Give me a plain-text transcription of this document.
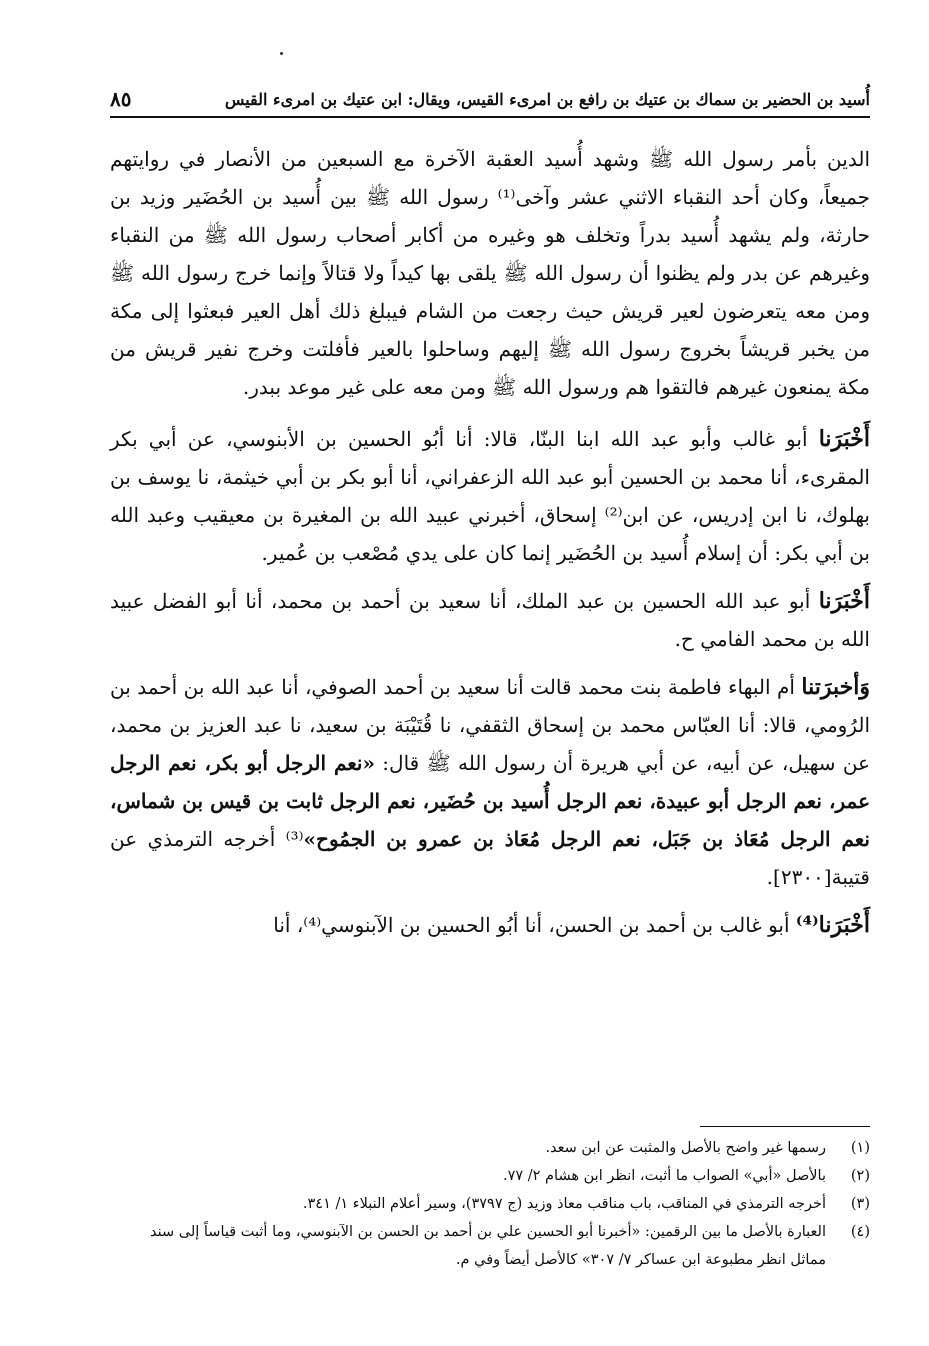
أُسيد بن الحضير بن سماك بن عتيك بن رافع بن امرىء القيس، ويقال: ابن عتيك بن امرىء القيس
٨٥

الدين بأمر رسول الله ﷺ وشهد أُسيد العقبة الآخرة مع السبعين من الأنصار في روايتهم جميعاً، وكان أحد النقباء الاثني عشر وآخى⁽¹⁾ رسول الله ﷺ بين أُسيد بن الحُضَير وزيد بن حارثة، ولم يشهد أُسيد بدراً وتخلف هو وغيره من أكابر أصحاب رسول الله ﷺ من النقباء وغيرهم عن بدر ولم يظنوا أن رسول الله ﷺ يلقى بها كيداً ولا قتالاً وإنما خرج رسول الله ﷺ ومن معه يتعرضون لعير قريش حيث رجعت من الشام فيبلغ ذلك أهل العير فبعثوا إلى مكة من يخبر قريشاً بخروج رسول الله ﷺ إليهم وساحلوا بالعير فأفلتت وخرج نفير قريش من مكة يمنعون غيرهم فالتقوا هم ورسول الله ﷺ ومن معه على غير موعد ببدر.

أَخْبَرَنا أبو غالب وأبو عبد الله ابنا البنّا، قالا: أنا أبُو الحسين بن الأبنوسي، عن أبي بكر المقرىء، أنا محمد بن الحسين أبو عبد الله الزعفراني، أنا أبو بكر بن أبي خيثمة، نا يوسف بن بهلوك، نا ابن إدريس، عن ابن⁽²⁾ إسحاق، أخبرني عبيد الله بن المغيرة بن معيقيب وعبد الله بن أبي بكر: أن إسلام أُسيد بن الحُضَير إنما كان على يدي مُصْعب بن عُمير.

أَخْبَرَنا أبو عبد الله الحسين بن عبد الملك، أنا سعيد بن أحمد بن محمد، أنا أبو الفضل عبيد الله بن محمد الفامي ح.

وَأخبرَتنا أم البهاء فاطمة بنت محمد قالت أنا سعيد بن أحمد الصوفي، أنا عبد الله بن أحمد بن الرُومي، قالا: أنا العبّاس محمد بن إسحاق الثقفي، نا قُتَيْبَة بن سعيد، نا عبد العزيز بن محمد، عن سهيل، عن أبيه، عن أبي هريرة أن رسول الله ﷺ قال: «نعم الرجل أبو بكر، نعم الرجل عمر، نعم الرجل أبو عبيدة، نعم الرجل أُسيد بن حُضَير، نعم الرجل ثابت بن قيس بن شماس، نعم الرجل مُعَاذ بن جَبَل، نعم الرجل مُعَاذ بن عمرو بن الجمُوح»⁽³⁾ أخرجه الترمذي عن قتيبة[٢٣٠٠].

أَخْبَرَنا⁽⁴⁾ أبو غالب بن أحمد بن الحسن، أنا أبُو الحسين بن الآبنوسي⁽⁴⁾، أنا

(١)
رسمها غير واضح بالأصل والمثبت عن ابن سعد.
(٢)
بالأصل «أبي» الصواب ما أثبت، انظر ابن هشام ٢/ ٧٧.
(٣)
أخرجه الترمذي في المناقب، باب مناقب معاذ وزيد (ج ٣٧٩٧)، وسير أعلام النبلاء ١/ ٣٤١.
(٤)
العبارة بالأصل ما بين الرقمين: «أخبرنا أبو الحسين علي بن أحمد بن الحسن بن الآبنوسي، وما أثبت قياساً إلى سند مماثل انظر مطبوعة ابن عساكر ٧/ ٣٠٧» كالأصل أيضاً وفي م.
